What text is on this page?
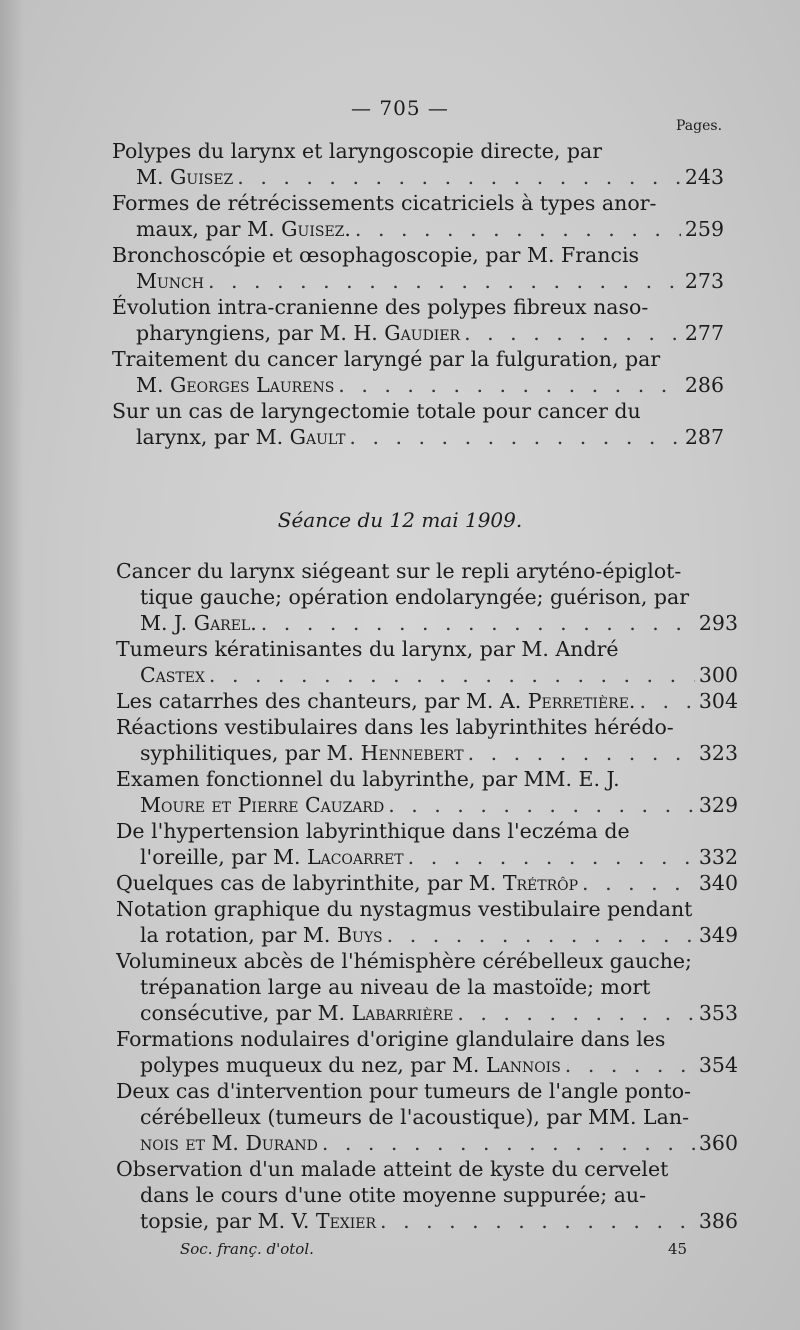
— 705 —
Pages.
Polypes du larynx et laryngoscopie directe, par
M. Guisez . . .	243
Formes de rétrécissements cicatriciels à types anor-
maux, par M. Guisez. . . .	259
Bronchoscópie et œsophagoscopie, par M. Francis
Munch . . .	273
Évolution intra-cranienne des polypes fibreux naso-
pharyngiens, par M. H. Gaudier . . .	277
Traitement du cancer laryngé par la fulguration, par
M. Georges Laurens . . .	286
Sur un cas de laryngectomie totale pour cancer du
larynx, par M. Gault . . .	287
Séance du 12 mai 1909.
Cancer du larynx siégeant sur le repli aryténo-épiglot-
tique gauche; opération endolaryngée; guérison, par
M. J. Garel. . . .	293
Tumeurs kératinisantes du larynx, par M. André
Castex . . .	300
Les catarrhes des chanteurs, par M. A. Perretière. . . .	304
Réactions vestibulaires dans les labyrinthites hérédo-
syphilitiques, par M. Hennebert . . .	323
Examen fonctionnel du labyrinthe, par MM. E. J.
Moure et Pierre Cauzard . . .	329
De l'hypertension labyrinthique dans l'eczéma de
l'oreille, par M. Lacoarret . . .	332
Quelques cas de labyrinthite, par M. Trétrôp . . .	340
Notation graphique du nystagmus vestibulaire pendant
la rotation, par M. Buys . . .	349
Volumineux abcès de l'hémisphère cérébelleux gauche;
trépanation large au niveau de la mastoïde; mort
consécutive, par M. Labarrière . . .	353
Formations nodulaires d'origine glandulaire dans les
polypes muqueux du nez, par M. Lannois . . .	354
Deux cas d'intervention pour tumeurs de l'angle ponto-
cérébelleux (tumeurs de l'acoustique), par MM. Lan-
nois et M. Durand . . .	360
Observation d'un malade atteint de kyste du cervelet
dans le cours d'une otite moyenne suppurée; au-
topsie, par M. V. Texier . . .	386
Soc. franç. d'otol.	45
